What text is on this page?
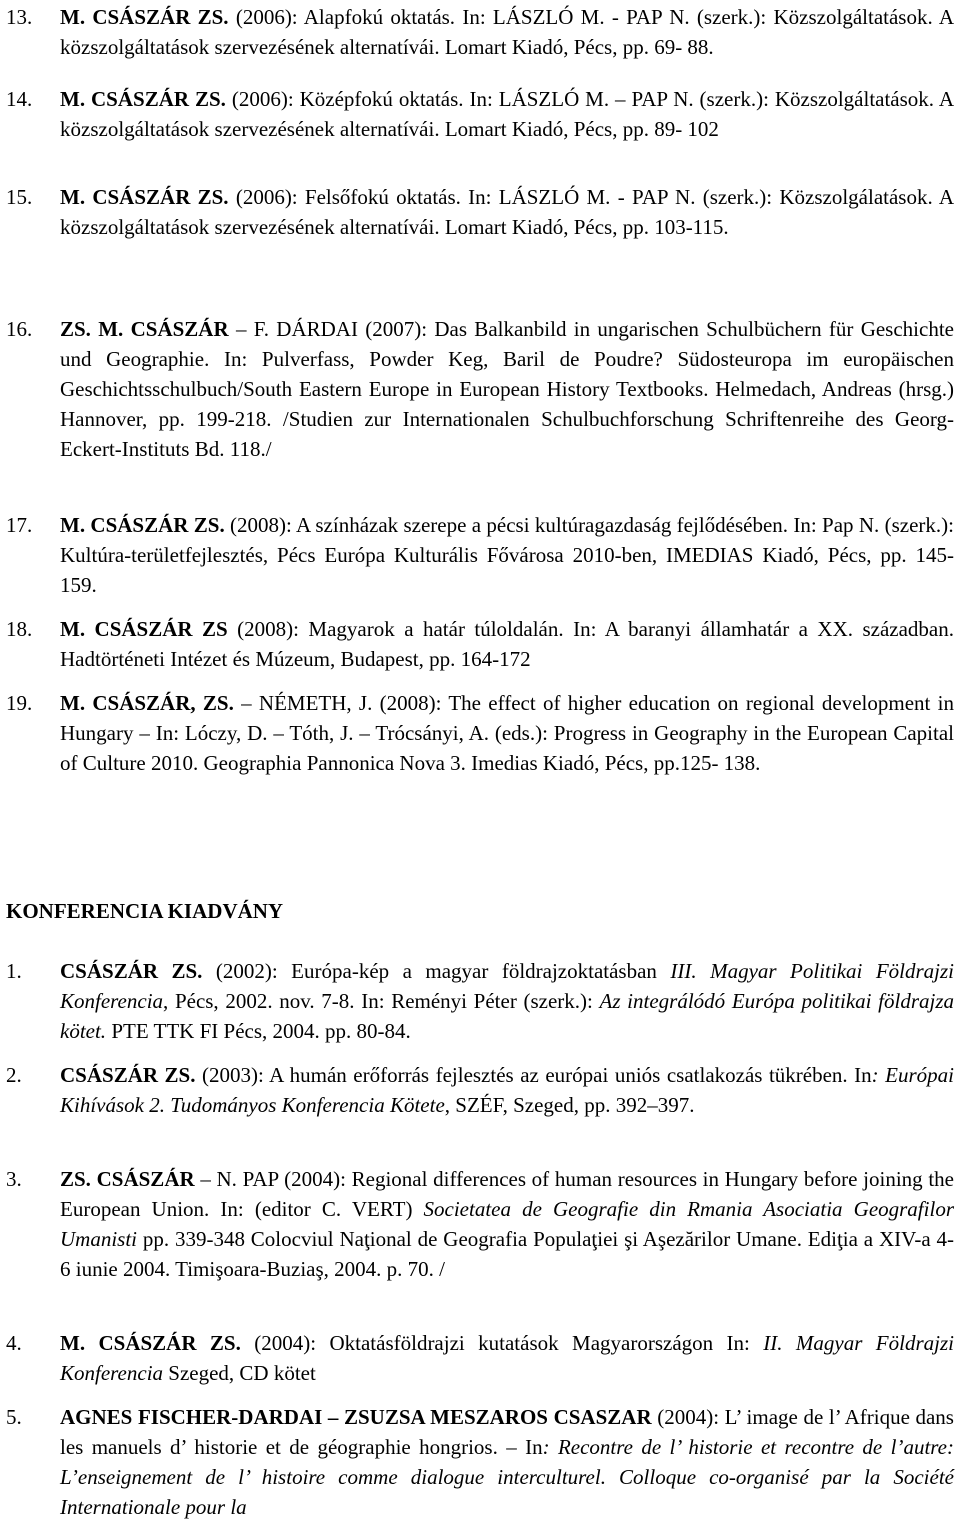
13. M. CSÁSZÁR ZS. (2006): Alapfokú oktatás. In: LÁSZLÓ M. - PAP N. (szerk.): Közszolgáltatások. A közszolgáltatások szervezésének alternatívái. Lomart Kiadó, Pécs, pp. 69- 88.
14. M. CSÁSZÁR ZS. (2006): Középfokú oktatás. In: LÁSZLÓ M. – PAP N. (szerk.): Közszolgáltatások. A közszolgáltatások szervezésének alternatívái. Lomart Kiadó, Pécs, pp. 89- 102
15. M. CSÁSZÁR ZS. (2006): Felsőfokú oktatás. In: LÁSZLÓ M. - PAP N. (szerk.): Közszolgálatások. A közszolgáltatások szervezésének alternatívái. Lomart Kiadó, Pécs, pp. 103-115.
16. ZS. M. CSÁSZÁR – F. DÁRDAI (2007): Das Balkanbild in ungarischen Schulbüchern für Geschichte und Geographie. In: Pulverfass, Powder Keg, Baril de Poudre? Südosteuropa im europäischen Geschichtsschulbuch/South Eastern Europe in European History Textbooks. Helmedach, Andreas (hrsg.) Hannover, pp. 199-218. /Studien zur Internationalen Schulbuchforschung Schriftenreihe des Georg-Eckert-Instituts Bd. 118./
17. M. CSÁSZÁR ZS. (2008): A színházak szerepe a pécsi kultúragazdaság fejlődésében. In: Pap N. (szerk.): Kultúra-területfejlesztés, Pécs Európa Kulturális Fővárosa 2010-ben, IMEDIAS Kiadó, Pécs, pp. 145-159.
18. M. CSÁSZÁR ZS (2008): Magyarok a határ túloldalán. In: A baranyi államhatár a XX. században. Hadtörténeti Intézet és Múzeum, Budapest, pp. 164-172
19. M. CSÁSZÁR, ZS. – NÉMETH, J. (2008): The effect of higher education on regional development in Hungary – In: Lóczy, D. – Tóth, J. – Trócsányi, A. (eds.): Progress in Geography in the European Capital of Culture 2010. Geographia Pannonica Nova 3. Imedias Kiadó, Pécs, pp.125- 138.
KONFERENCIA KIADVÁNY
1. CSÁSZÁR ZS. (2002): Európa-kép a magyar földrajzoktatásban III. Magyar Politikai Földrajzi Konferencia, Pécs, 2002. nov. 7-8. In: Reményi Péter (szerk.): Az integrálódó Európa politikai földrajza kötet. PTE TTK FI Pécs, 2004. pp. 80-84.
2. CSÁSZÁR ZS. (2003): A humán erőforrás fejlesztés az európai uniós csatlakozás tükrében. In: Európai Kihívások 2. Tudományos Konferencia Kötete, SZÉF, Szeged, pp. 392–397.
3. ZS. CSÁSZÁR – N. PAP (2004): Regional differences of human resources in Hungary before joining the European Union. In: (editor C. VERT) Societatea de Geografie din Rmania Asociatia Geografilor Umanisti pp. 339-348 Colocviul Naţional de Geografia Populaţiei şi Aşezărilor Umane. Ediţia a XIV-a 4-6 iunie 2004. Timişoara-Buziaş, 2004. p. 70. /
4. M. CSÁSZÁR ZS. (2004): Oktatásföldrajzi kutatások Magyarországon In: II. Magyar Földrajzi Konferencia Szeged, CD kötet
5. AGNES FISCHER-DARDAI – ZSUZSA MESZAROS CSASZAR (2004): L’ image de l’ Afrique dans les manuels d’ historie et de géographie hongrios. – In: Recontre de l’ historie et recontre de l’autre: L’enseignement de l’ histoire comme dialogue interculturel. Colloque co-organisé par la Société Internationale pour la
